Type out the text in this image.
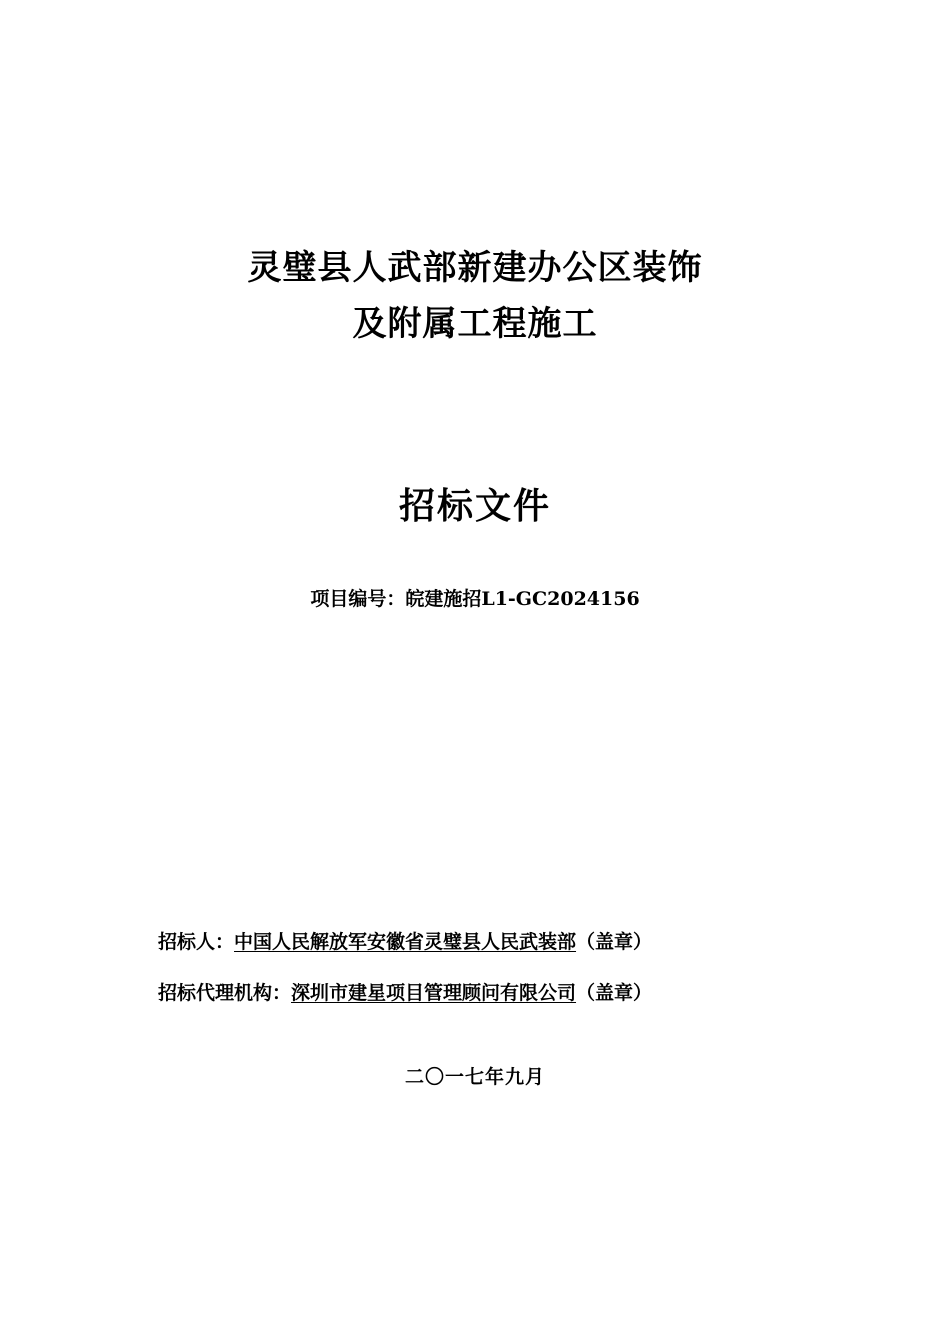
灵璧县人武部新建办公区装饰
及附属工程施工
招标文件
项目编号：皖建施招L1-GC2024156
招标人：中国人民解放军安徽省灵璧县人民武装部（盖章）
招标代理机构：深圳市建星项目管理顾问有限公司（盖章）
二〇一七年九月
